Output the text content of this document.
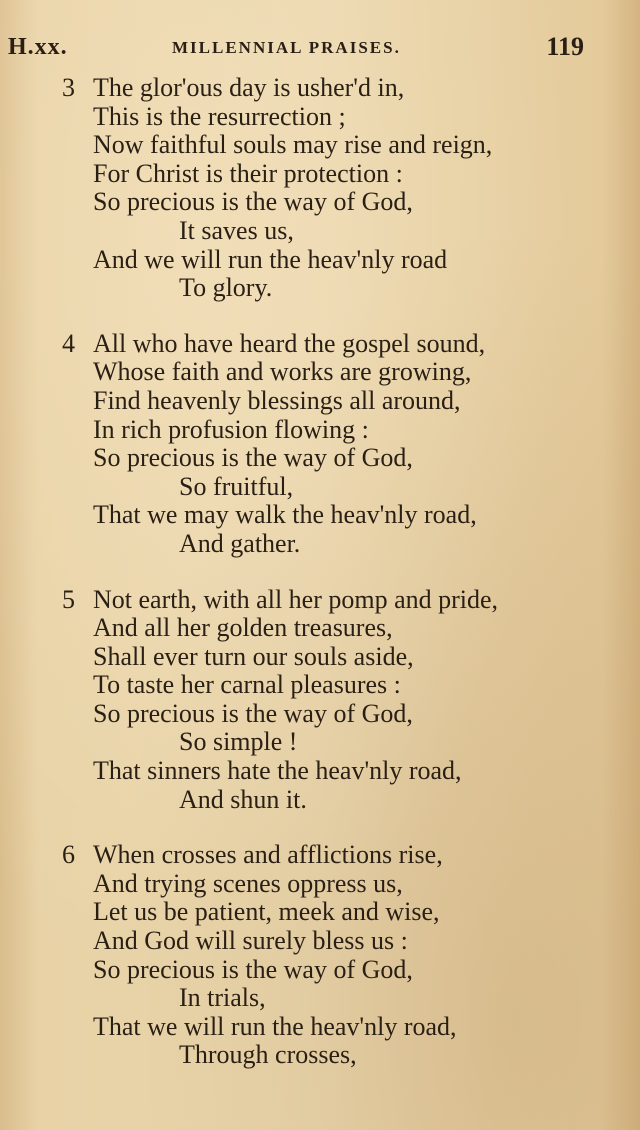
H.xx.	MILLENNIAL PRAISES.	119
3 The glor'ous day is usher'd in,
This is the resurrection ;
Now faithful souls may rise and reign,
For Christ is their protection :
So precious is the way of God,
It saves us,
And we will run the heav'nly road
To glory.
4 All who have heard the gospel sound,
Whose faith and works are growing,
Find heavenly blessings all around,
In rich profusion flowing :
So precious is the way of God,
So fruitful,
That we may walk the heav'nly road,
And gather.
5 Not earth, with all her pomp and pride,
And all her golden treasures,
Shall ever turn our souls aside,
To taste her carnal pleasures :
So precious is the way of God,
So simple !
That sinners hate the heav'nly road,
And shun it.
6 When crosses and afflictions rise,
And trying scenes oppress us,
Let us be patient, meek and wise,
And God will surely bless us :
So precious is the way of God,
In trials,
That we will run the heav'nly road,
Through crosses,
